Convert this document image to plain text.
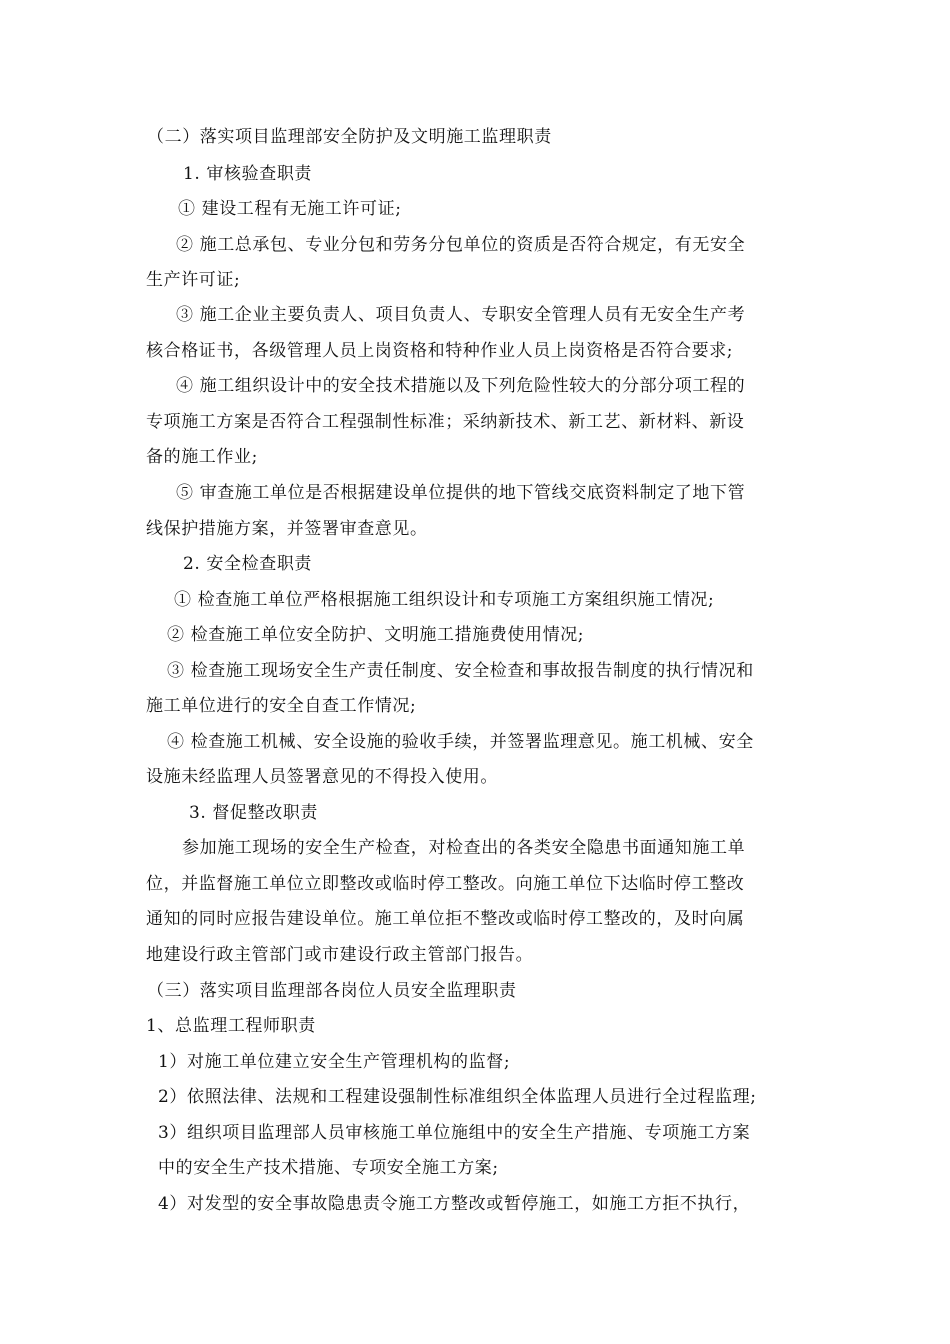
（二）落实项目监理部安全防护及文明施工监理职责
1. 审核验查职责
① 建设工程有无施工许可证;
② 施工总承包、专业分包和劳务分包单位的资质是否符合规定，有无安全
生产许可证;
③ 施工企业主要负责人、项目负责人、专职安全管理人员有无安全生产考
核合格证书，各级管理人员上岗资格和特种作业人员上岗资格是否符合要求;
④ 施工组织设计中的安全技术措施以及下列危险性较大的分部分项工程的
专项施工方案是否符合工程强制性标准；采纳新技术、新工艺、新材料、新设
备的施工作业;
⑤ 审查施工单位是否根据建设单位提供的地下管线交底资料制定了地下管
线保护措施方案，并签署审查意见。
2. 安全检查职责
① 检查施工单位严格根据施工组织设计和专项施工方案组织施工情况;
② 检查施工单位安全防护、文明施工措施费使用情况;
③ 检查施工现场安全生产责任制度、安全检查和事故报告制度的执行情况和
施工单位进行的安全自查工作情况;
④ 检查施工机械、安全设施的验收手续，并签署监理意见。施工机械、安全
设施未经监理人员签署意见的不得投入使用。
3. 督促整改职责
参加施工现场的安全生产检查，对检查出的各类安全隐患书面通知施工单
位，并监督施工单位立即整改或临时停工整改。向施工单位下达临时停工整改
通知的同时应报告建设单位。施工单位拒不整改或临时停工整改的，及时向属
地建设行政主管部门或市建设行政主管部门报告。
（三）落实项目监理部各岗位人员安全监理职责
1、总监理工程师职责
1）对施工单位建立安全生产管理机构的监督;
2）依照法律、法规和工程建设强制性标准组织全体监理人员进行全过程监理;
3）组织项目监理部人员审核施工单位施组中的安全生产措施、专项施工方案
中的安全生产技术措施、专项安全施工方案;
4）对发型的安全事故隐患责令施工方整改或暂停施工，如施工方拒不执行，
